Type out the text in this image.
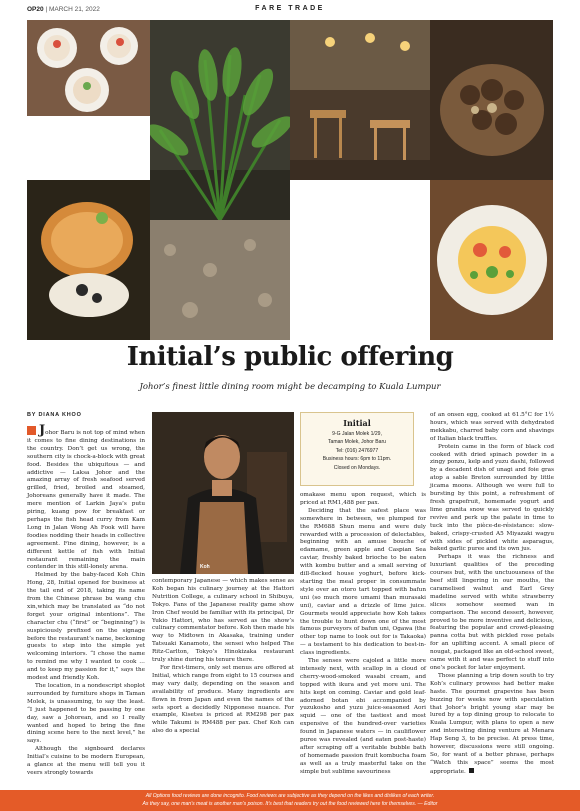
OP20 | MARCH 21, 2022	FARE TRADE
Initial’s public offering
Johor’s finest little dining room might be decamping to Kuala Lumpur
BY DIANA KHOO

Johor Baru is not top of mind when it comes to fine dining destinations in the country. Don’t get us wrong, the southern city is chock-a-block with great food. Besides the ubiquitous — and addictive — Laksa Johor and the amazing array of fresh seafood served grilled, fried, broiled and steamed, Johoreans generally have it made. The mere mention of Larkin Jaya’s putu piring, kuang pow for breakfast or perhaps the fish head curry from Kam Long in Jalan Wong Ah Fook will have foodies nodding their heads in collective agreement. Fine dining, however, is a different kettle of fish with Initial restaurant remaining the main contender in this still-lonely arena.

Helmed by the baby-faced Koh Chin Hong, 28, Initial opened for business at the tail end of 2018, taking its name from the Chinese phrase bu wang chu xin,which may be translated as “do not forget your original intentions”. The character chu (“first” or “beginning”) is suspiciously prefixed on the signage before the restaurant’s name, beckoning guests to step into the simple yet welcoming interiors. “I chose the name to remind me why I wanted to cook … and to keep my passion for it,” says the modest and friendly Koh.

The location, in a nondescript shoplot surrounded by furniture shops in Taman Molek, is unassuming, to say the least. “I just happened to be passing by one day, saw a Johorean, and so I really wanted and hoped to bring the fine dining scene here to the next level,” he says.

Although the signboard declares Initial’s cuisine to be modern European, a glance at the menu will tell you it veers strongly towards

Koh

contemporary Japanese — which makes sense as Koh began his culinary journey at the Hattori Nutrition College, a culinary school in Shibuya, Tokyo. Fans of the Japanese reality game show Iron Chef would be familiar with its principal, Dr Yukio Hattori, who has served as the show’s culinary commentator before. Koh then made his way to Midtown in Akasaka, training under Tatsuaki Kanamoto, the sensei who helped The Ritz-Carlton, Tokyo’s Hinokizaka restaurant truly shine during his tenure there.

For first-timers, only set menus are offered at Initial, which range from eight to 15 courses and may vary daily, depending on the season and availability of produce. Many ingredients are flown in from Japan and even the names of the sets sport a decidedly Nipponese nuance. For example, Kisetsu is priced at RM298 per pax while Takumi is RM488 per pax. Chef Koh can also do a special

Initial
9-G Jalan Molek 1/29,
Taman Molek, Johor Baru
Tel: (016) 2476977
Business hours: 6pm to 11pm.
Closed on Mondays.

omakase menu upon request, which is priced at RM1,488 per pax.

Deciding that the safest place was somewhere in between, we plumped for the RM688 Shun menu and were duly rewarded with a procession of delectables, beginning with an amuse bouche of edamame, green apple and Caspian Sea caviar, freshly baked brioche to be eaten with kombu butter and a small serving of dill-flecked house yoghurt, before kick-starting the meal proper in consummate style over an otoro tart topped with bafun uni (so much more umami than murasaki uni), caviar and a drizzle of lime juice. Gourmets would appreciate how Koh takes the trouble to hunt down one of the most famous purveyors of bafun uni, Ogawa (the other top name to look out for is Takaoka) — a testament to his dedication to best-in-class ingredients.

The senses were cajoled a little more intensely next, with scallop in a cloud of cherry-wood-smoked wasabi cream, and topped with ikura and yet more uni. The hits kept on coming. Caviar and gold leaf-adorned botan ebi accompanied by yuzukosho and yuzu juice-seasoned Aori squid — one of the tastiest and most expensive of the hundred-over varieties found in Japanese waters — in cauliflower puree was revealed (and eaten post-haste) after scraping off a veritable bubble bath of homemade passion fruit kombucha foam as well as a truly masterful take on the simple but sublime savouriness

of an onsen egg, cooked at 61.5°C for 1½ hours, which was served with dehydrated mekkabu, charred baby corn and shavings of Italian black truffles.

Protein came in the form of black cod cooked with dried spinach powder in a zingy ponzu, kelp and yuzu dashi, followed by a decadent dish of unagi and foie gras atop a sable Breton surrounded by little jicama moons. Although we were full to bursting by this point, a refreshment of fresh grapefruit, homemade yogurt and lime granita snow was served to quickly revive and perk up the palate in time to tuck into the pièce-de-résistance: slow-baked, crispy-crusted A5 Miyazaki wagyu with sides of pickled white asparagus, baked garlic puree and its own jus.

Perhaps it was the richness and luxuriant qualities of the preceding courses but, with the unctuousness of the beef still lingering in our mouths, the caramelised walnut and Earl Grey madeline served with white strawberry slices somehow seemed wan in comparison. The second dessert, however, proved to be more inventive and delicious, featuring the popular and crowd-pleasing panna cotta but with pickled rose petals for an uplifting accent. A small piece of nougat, packaged like an old-school sweet, came with it and was perfect to stuff into one’s pocket for later enjoyment.

Those planning a trip down south to try Koh’s culinary prowess had better make haste. The gourmet grapevine has been buzzing for weeks now with speculation that Johor’s bright young star may be lured by a top dining group to relocate to Kuala Lumpur, with plans to open a new and interesting dining venture at Menara Hap Seng 3, to be precise. At press time, however, discussions were still ongoing. So, for want of a better phrase, perhaps “Watch this space” seems the most appropriate.

All Options food reviews are done incognito. Food reviews are subjective as they depend on the likes and dislikes of each writer.
As they say, one man’s meat is another man’s poison. It’s best that readers try out the food reviewed here for themselves. — Editor
